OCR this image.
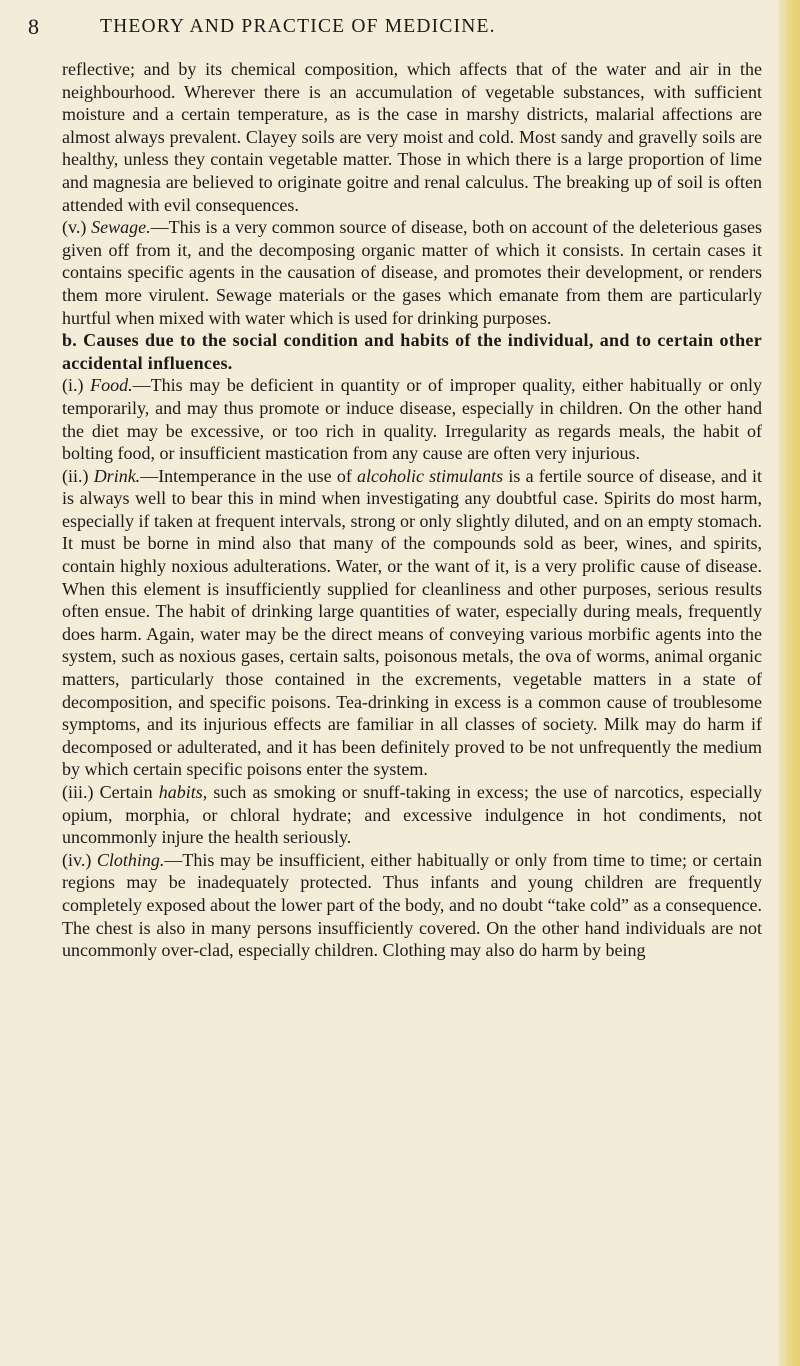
8	THEORY AND PRACTICE OF MEDICINE.

reflective; and by its chemical composition, which affects that of the water and air in the neighbourhood. Wherever there is an accumulation of vegetable substances, with sufficient moisture and a certain temperature, as is the case in marshy districts, malarial affections are almost always prevalent. Clayey soils are very moist and cold. Most sandy and gravelly soils are healthy, unless they contain vegetable matter. Those in which there is a large proportion of lime and magnesia are believed to originate goitre and renal calculus. The breaking up of soil is often attended with evil consequences.

(v.) Sewage.—This is a very common source of disease, both on account of the deleterious gases given off from it, and the decomposing organic matter of which it consists. In certain cases it contains specific agents in the causation of disease, and promotes their development, or renders them more virulent. Sewage materials or the gases which emanate from them are particularly hurtful when mixed with water which is used for drinking purposes.

b. Causes due to the social condition and habits of the individual, and to certain other accidental influences.

(i.) Food.—This may be deficient in quantity or of improper quality, either habitually or only temporarily, and may thus promote or induce disease, especially in children. On the other hand the diet may be excessive, or too rich in quality. Irregularity as regards meals, the habit of bolting food, or insufficient mastication from any cause are often very injurious.

(ii.) Drink.—Intemperance in the use of alcoholic stimulants is a fertile source of disease, and it is always well to bear this in mind when investigating any doubtful case. Spirits do most harm, especially if taken at frequent intervals, strong or only slightly diluted, and on an empty stomach. It must be borne in mind also that many of the compounds sold as beer, wines, and spirits, contain highly noxious adulterations. Water, or the want of it, is a very prolific cause of disease. When this element is insufficiently supplied for cleanliness and other purposes, serious results often ensue. The habit of drinking large quantities of water, especially during meals, frequently does harm. Again, water may be the direct means of conveying various morbific agents into the system, such as noxious gases, certain salts, poisonous metals, the ova of worms, animal organic matters, particularly those contained in the excrements, vegetable matters in a state of decomposition, and specific poisons. Tea-drinking in excess is a common cause of troublesome symptoms, and its injurious effects are familiar in all classes of society. Milk may do harm if decomposed or adulterated, and it has been definitely proved to be not unfrequently the medium by which certain specific poisons enter the system.

(iii.) Certain habits, such as smoking or snuff-taking in excess; the use of narcotics, especially opium, morphia, or chloral hydrate; and excessive indulgence in hot condiments, not uncommonly injure the health seriously.

(iv.) Clothing.—This may be insufficient, either habitually or only from time to time; or certain regions may be inadequately protected. Thus infants and young children are frequently completely exposed about the lower part of the body, and no doubt “take cold” as a consequence. The chest is also in many persons insufficiently covered. On the other hand individuals are not uncommonly over-clad, especially children. Clothing may also do harm by being
